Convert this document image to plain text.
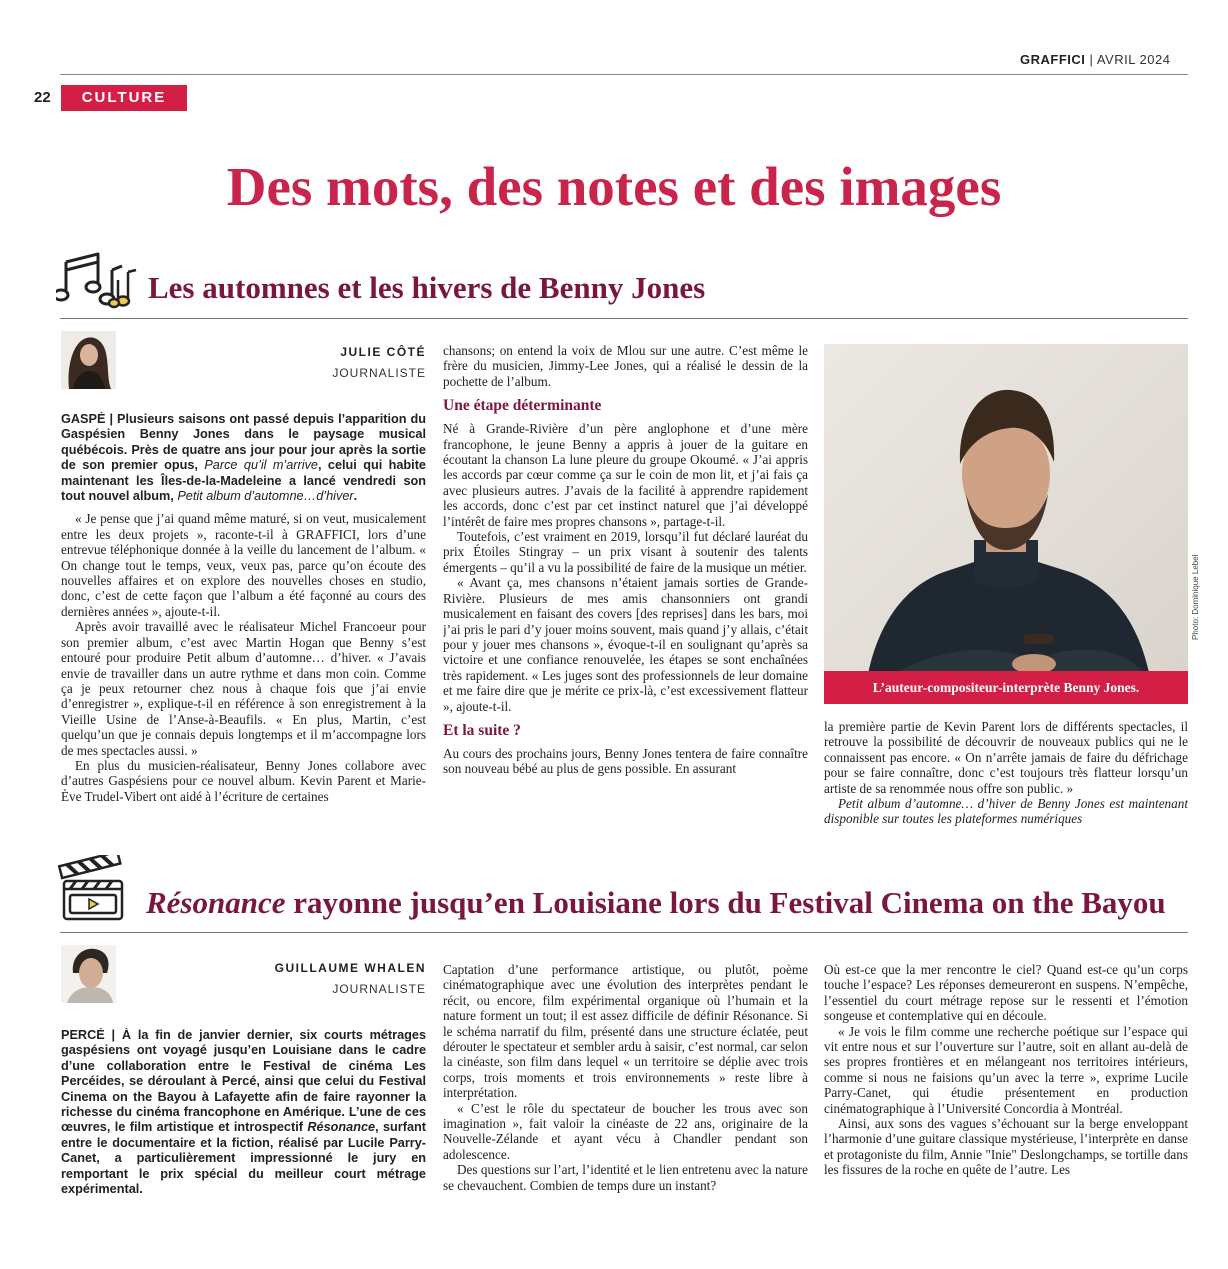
GRAFFICI | AVRIL 2024
22	CULTURE
Des mots, des notes et des images
Les automnes et les hivers de Benny Jones
JULIE CÔTÉ
JOURNALISTE

GASPÉ | Plusieurs saisons ont passé depuis l’apparition du Gaspésien Benny Jones dans le paysage musical québécois. Près de quatre ans jour pour jour après la sortie de son premier opus, Parce qu’il m’arrive, celui qui habite maintenant les Îles-de-la-Madeleine a lancé vendredi son tout nouvel album, Petit album d’automne…d’hiver.

« Je pense que j’ai quand même maturé, si on veut, musicalement entre les deux projets », raconte-t-il à GRAFFICI, lors d’une entrevue téléphonique donnée à la veille du lancement de l’album. « On change tout le temps, veux, veux pas, parce qu’on écoute des nouvelles affaires et on explore des nouvelles choses en studio, donc, c’est de cette façon que l’album a été façonné au cours des dernières années », ajoute-t-il.

Après avoir travaillé avec le réalisateur Michel Francoeur pour son premier album, c’est avec Martin Hogan que Benny s’est entouré pour produire Petit album d’automne… d’hiver. « J’avais envie de travailler dans un autre rythme et dans mon coin. Comme ça je peux retourner chez nous à chaque fois que j’ai envie d’enregistrer », explique-t-il en référence à son enregistrement à la Vieille Usine de l’Anse-à-Beaufils. « En plus, Martin, c’est quelqu’un que je connais depuis longtemps et il m’accompagne lors de mes spectacles aussi. »

En plus du musicien-réalisateur, Benny Jones collabore avec d’autres Gaspésiens pour ce nouvel album. Kevin Parent et Marie-Ève Trudel-Vibert ont aidé à l’écriture de certaines

chansons; on entend la voix de Mlou sur une autre. C’est même le frère du musicien, Jimmy-Lee Jones, qui a réalisé le dessin de la pochette de l’album.

Une étape déterminante

Né à Grande-Rivière d’un père anglophone et d’une mère francophone, le jeune Benny a appris à jouer de la guitare en écoutant la chanson La lune pleure du groupe Okoumé. « J’ai appris les accords par cœur comme ça sur le coin de mon lit, et j’ai fais ça avec plusieurs autres. J’avais de la facilité à apprendre rapidement les accords, donc c’est par cet instinct naturel que j’ai développé l’intérêt de faire mes propres chansons », partage-t-il.

Toutefois, c’est vraiment en 2019, lorsqu’il fut déclaré lauréat du prix Étoiles Stingray – un prix visant à soutenir des talents émergents – qu’il a vu la possibilité de faire de la musique un métier.

« Avant ça, mes chansons n’étaient jamais sorties de Grande-Rivière. Plusieurs de mes amis chansonniers ont grandi musicalement en faisant des covers [des reprises] dans les bars, moi j’ai pris le pari d’y jouer moins souvent, mais quand j’y allais, c’était pour y jouer mes chansons », évoque-t-il en soulignant qu’après sa victoire et une confiance renouvelée, les étapes se sont enchaînées très rapidement. « Les juges sont des professionnels de leur domaine et me faire dire que je mérite ce prix-là, c’est excessivement flatteur », ajoute-t-il.

Et la suite ?

Au cours des prochains jours, Benny Jones tentera de faire connaître son nouveau bébé au plus de gens possible. En assurant

L’auteur-compositeur-interprète Benny Jones.
Photo: Dominique Lebel

la première partie de Kevin Parent lors de différents spectacles, il retrouve la possibilité de découvrir de nouveaux publics qui ne le connaissent pas encore. « On n’arrête jamais de faire du défrichage pour se faire connaître, donc c’est toujours très flatteur lorsqu’un artiste de sa renommée nous offre son public. »

Petit album d’automne… d’hiver de Benny Jones est maintenant disponible sur toutes les plateformes numériques

Résonance rayonne jusqu’en Louisiane lors du Festival Cinema on the Bayou
GUILLAUME WHALEN
JOURNALISTE

PERCÉ | À la fin de janvier dernier, six courts métrages gaspésiens ont voyagé jusqu’en Louisiane dans le cadre d’une collaboration entre le Festival de cinéma Les Percéides, se déroulant à Percé, ainsi que celui du Festival Cinema on the Bayou à Lafayette afin de faire rayonner la richesse du cinéma francophone en Amérique. L’une de ces œuvres, le film artistique et introspectif Résonance, surfant entre le documentaire et la fiction, réalisé par Lucile Parry-Canet, a particulièrement impressionné le jury en remportant le prix spécial du meilleur court métrage expérimental.

Captation d’une performance artistique, ou plutôt, poème cinématographique avec une évolution des interprètes pendant le récit, ou encore, film expérimental organique où l’humain et la nature forment un tout; il est assez difficile de définir Résonance. Si le schéma narratif du film, présenté dans une structure éclatée, peut dérouter le spectateur et sembler ardu à saisir, c’est normal, car selon la cinéaste, son film dans lequel « un territoire se déplie avec trois corps, trois moments et trois environnements » reste libre à interprétation.

« C’est le rôle du spectateur de boucher les trous avec son imagination », fait valoir la cinéaste de 22 ans, originaire de la Nouvelle-Zélande et ayant vécu à Chandler pendant son adolescence.

Des questions sur l’art, l’identité et le lien entretenu avec la nature se chevauchent. Combien de temps dure un instant?

Où est-ce que la mer rencontre le ciel? Quand est-ce qu’un corps touche l’espace? Les réponses demeureront en suspens. N’empêche, l’essentiel du court métrage repose sur le ressenti et l’émotion songeuse et contemplative qui en découle.

« Je vois le film comme une recherche poétique sur l’espace qui vit entre nous et sur l’ouverture sur l’autre, soit en allant au-delà de ses propres frontières et en mélangeant nos territoires intérieurs, comme si nous ne faisions qu’un avec la terre », exprime Lucile Parry-Canet, qui étudie présentement en production cinématographique à l’Université Concordia à Montréal.

Ainsi, aux sons des vagues s’échouant sur la berge enveloppant l’harmonie d’une guitare classique mystérieuse, l’interprète en danse et protagoniste du film, Annie "Inie" Deslongchamps, se tortille dans les fissures de la roche en quête de l’autre. Les
